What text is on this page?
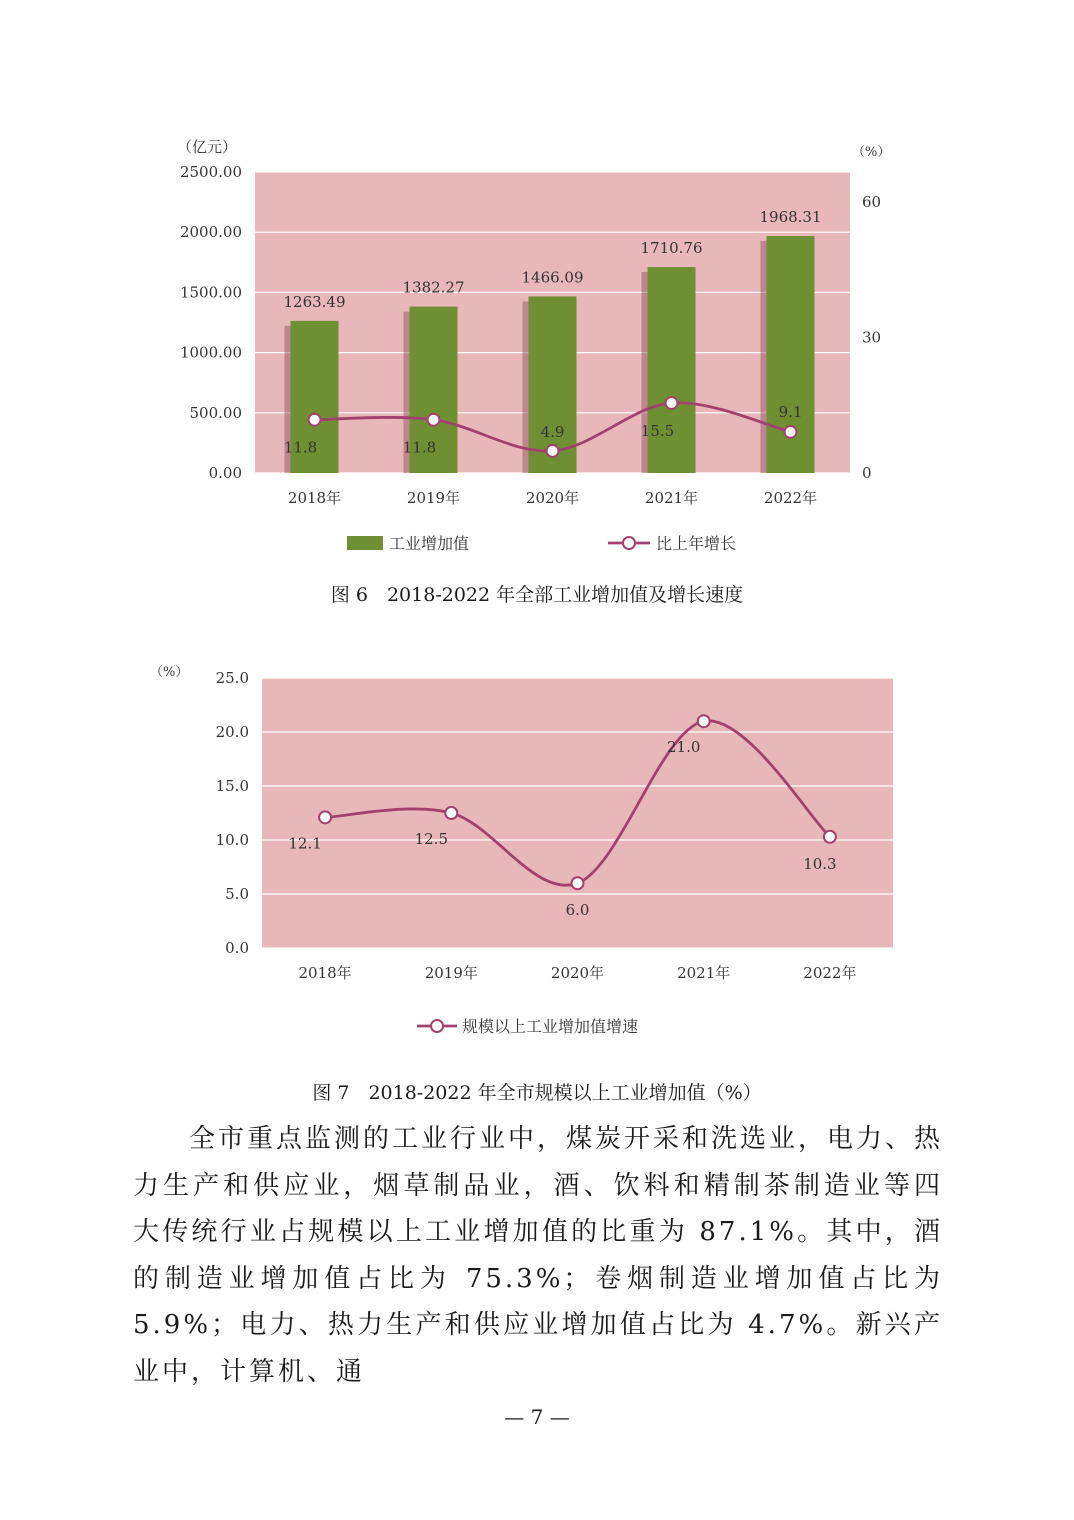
0.00
500.00
1000.00
1500.00
2000.00
2500.00
0
30
60
（亿元）	（%）
1263.49
1382.27
1466.09
1710.76
1968.31
11.8	11.8
4.9	15.5
9.1
2018年	2019年	2020年	2021年	2022年
工业增加值	比上年增长
图 6　2018-2022 年全部工业增加值及增长速度
0.0
5.0
10.0
15.0
20.0
25.0
（%）
12.1	12.5
6.0
21.0
10.3
2018年	2019年	2020年	2021年	2022年
规模以上工业增加值增速
图 7　2018-2022 年全市规模以上工业增加值（%）

全市重点监测的工业行业中，煤炭开采和洗选业，电力、热力生产和供应业，烟草制品业，酒、饮料和精制茶制造业等四大传统行业占规模以上工业增加值的比重为 87.1%。其中，酒的制造业增加值占比为 75.3%；卷烟制造业增加值占比为 5.9%；电力、热力生产和供应业增加值占比为 4.7%。新兴产业中，计算机、通

— 7 —
